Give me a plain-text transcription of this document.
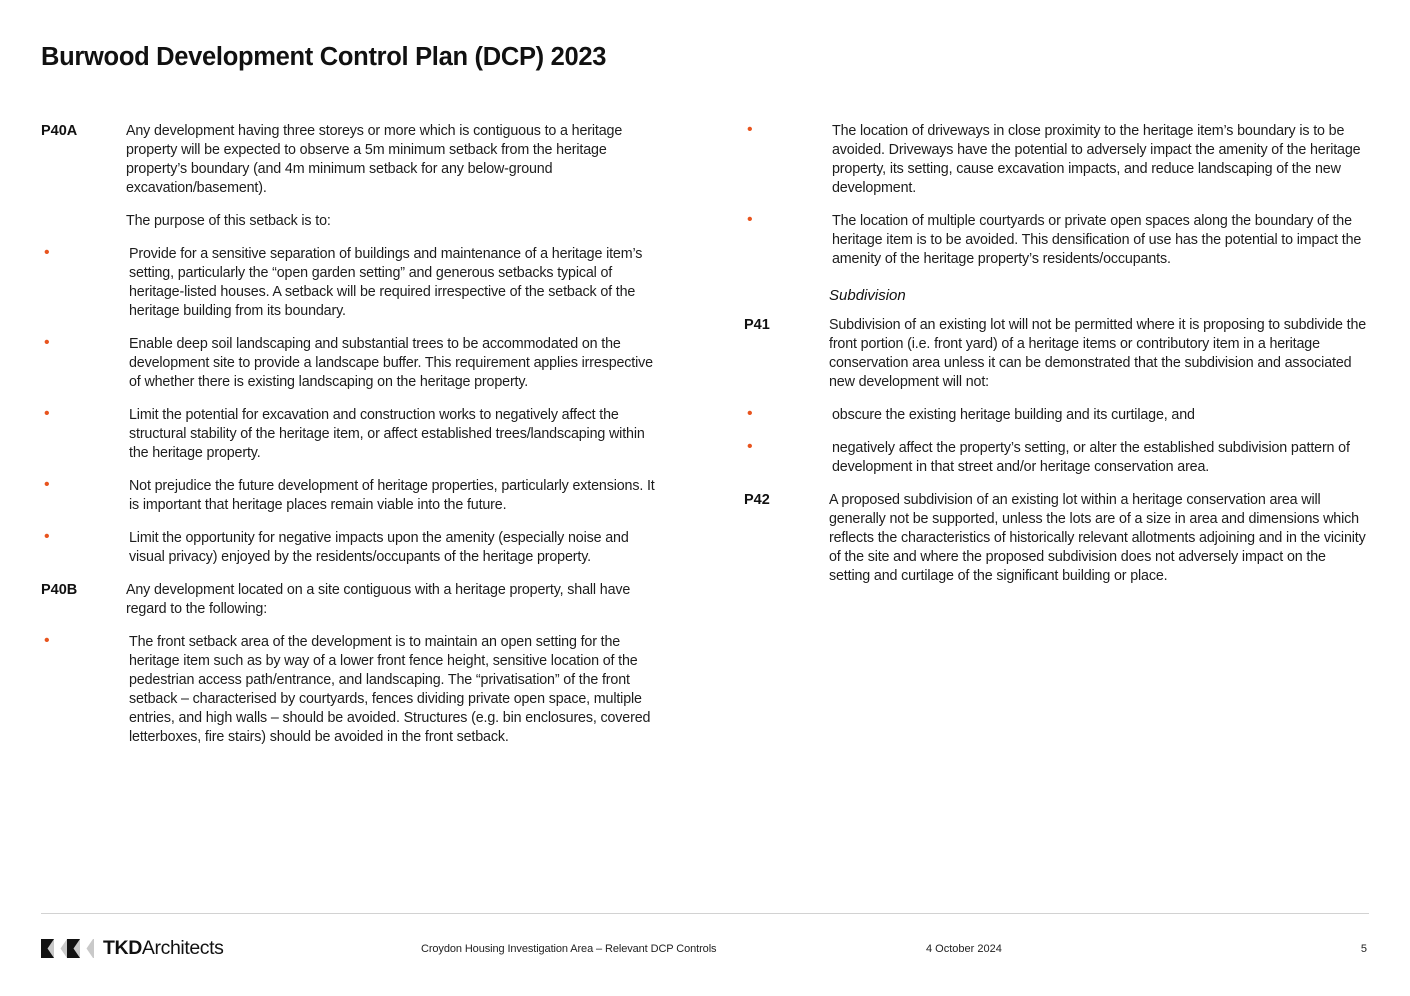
Burwood Development Control Plan (DCP) 2023
P40A	Any development having three storeys or more which is contiguous to a heritage property will be expected to observe a 5m minimum setback from the heritage property’s boundary (and 4m minimum setback for any below-ground excavation/basement).
The purpose of this setback is to:
•	Provide for a sensitive separation of buildings and maintenance of a heritage item’s setting, particularly the “open garden setting” and generous setbacks typical of heritage-listed houses. A setback will be required irrespective of the setback of the heritage building from its boundary.
•	Enable deep soil landscaping and substantial trees to be accommodated on the development site to provide a landscape buffer. This requirement applies irrespective of whether there is existing landscaping on the heritage property.
•	Limit the potential for excavation and construction works to negatively affect the structural stability of the heritage item, or affect established trees/landscaping within the heritage property.
•	Not prejudice the future development of heritage properties, particularly extensions. It is important that heritage places remain viable into the future.
•	Limit the opportunity for negative impacts upon the amenity (especially noise and visual privacy) enjoyed by the residents/occupants of the heritage property.
P40B	Any development located on a site contiguous with a heritage property, shall have regard to the following:
•	The front setback area of the development is to maintain an open setting for the heritage item such as by way of a lower front fence height, sensitive location of the pedestrian access path/entrance, and landscaping. The “privatisation” of the front setback – characterised by courtyards, fences dividing private open space, multiple entries, and high walls – should be avoided. Structures (e.g. bin enclosures, covered letterboxes, fire stairs) should be avoided in the front setback.
•	The location of driveways in close proximity to the heritage item’s boundary is to be avoided. Driveways have the potential to adversely impact the amenity of the heritage property, its setting, cause excavation impacts, and reduce landscaping of the new development.
•	The location of multiple courtyards or private open spaces along the boundary of the heritage item is to be avoided. This densification of use has the potential to impact the amenity of the heritage property’s residents/occupants.
Subdivision
P41	Subdivision of an existing lot will not be permitted where it is proposing to subdivide the front portion (i.e. front yard) of a heritage items or contributory item in a heritage conservation area unless it can be demonstrated that the subdivision and associated new development will not:
•	obscure the existing heritage building and its curtilage, and
•	negatively affect the property’s setting, or alter the established subdivision pattern of development in that street and/or heritage conservation area.
P42	A proposed subdivision of an existing lot within a heritage conservation area will generally not be supported, unless the lots are of a size in area and dimensions which reflects the characteristics of historically relevant allotments adjoining and in the vicinity of the site and where the proposed subdivision does not adversely impact on the setting and curtilage of the significant building or place.
TKDArchitects	Croydon Housing Investigation Area – Relevant DCP Controls	4 October 2024	5
